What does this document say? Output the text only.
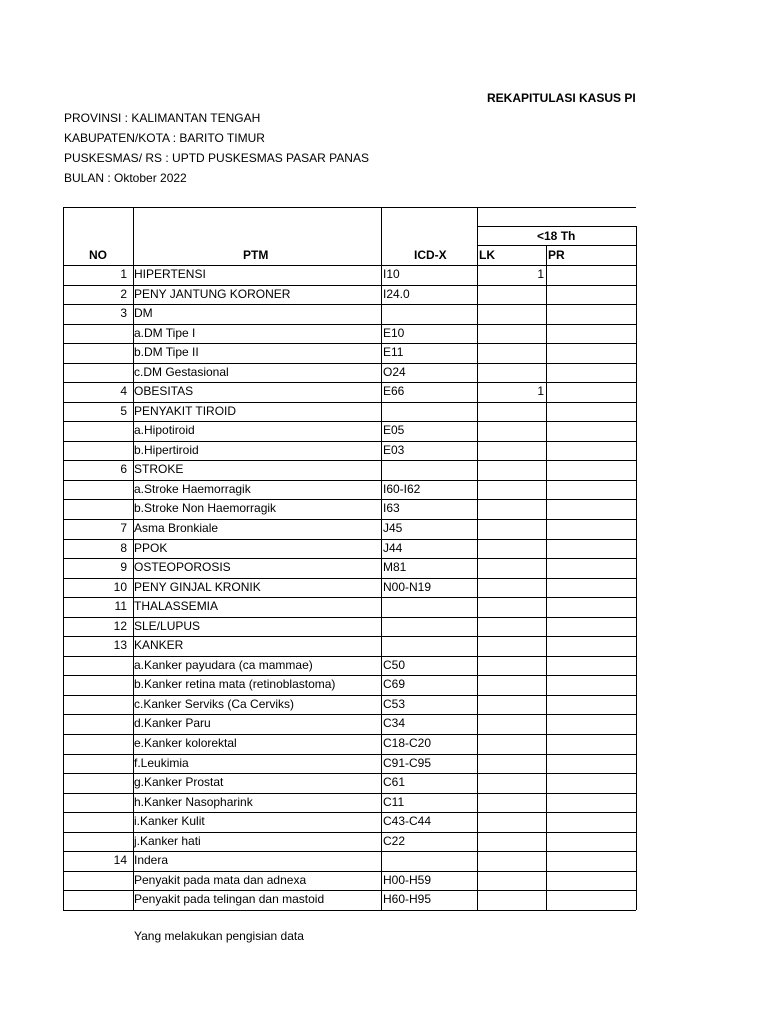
REKAPITULASI KASUS PI
PROVINSI : KALIMANTAN TENGAH
KABUPATEN/KOTA : BARITO TIMUR
PUSKESMAS/ RS : UPTD PUSKESMAS PASAR PANAS
BULAN : Oktober 2022
NO	PTM	ICD-X
<18 Th
LK	PR
1 HIPERTENSI	I10	1
2 PENY JANTUNG KORONER	I24.0
3 DM
a.DM Tipe I	E10
b.DM Tipe II	E11
c.DM Gestasional	O24
4 OBESITAS	E66	1
5 PENYAKIT TIROID
a.Hipotiroid	E05
b.Hipertiroid	E03
6 STROKE
a.Stroke Haemorragik	I60-I62
b.Stroke Non Haemorragik	I63
7 Asma Bronkiale	J45
8 PPOK	J44
9 OSTEOPOROSIS	M81
10 PENY GINJAL KRONIK	N00-N19
11 THALASSEMIA
12 SLE/LUPUS
13 KANKER
a.Kanker payudara (ca mammae)	C50
b.Kanker retina mata (retinoblastoma)	C69
c.Kanker Serviks (Ca Cerviks)	C53
d.Kanker Paru	C34
e.Kanker kolorektal	C18-C20
f.Leukimia	C91-C95
g.Kanker Prostat	C61
h.Kanker Nasopharink	C11
i.Kanker Kulit	C43-C44
j.Kanker hati	C22
14 Indera
Penyakit pada mata dan adnexa	H00-H59
Penyakit pada telingan dan mastoid	H60-H95
Yang melakukan pengisian data
